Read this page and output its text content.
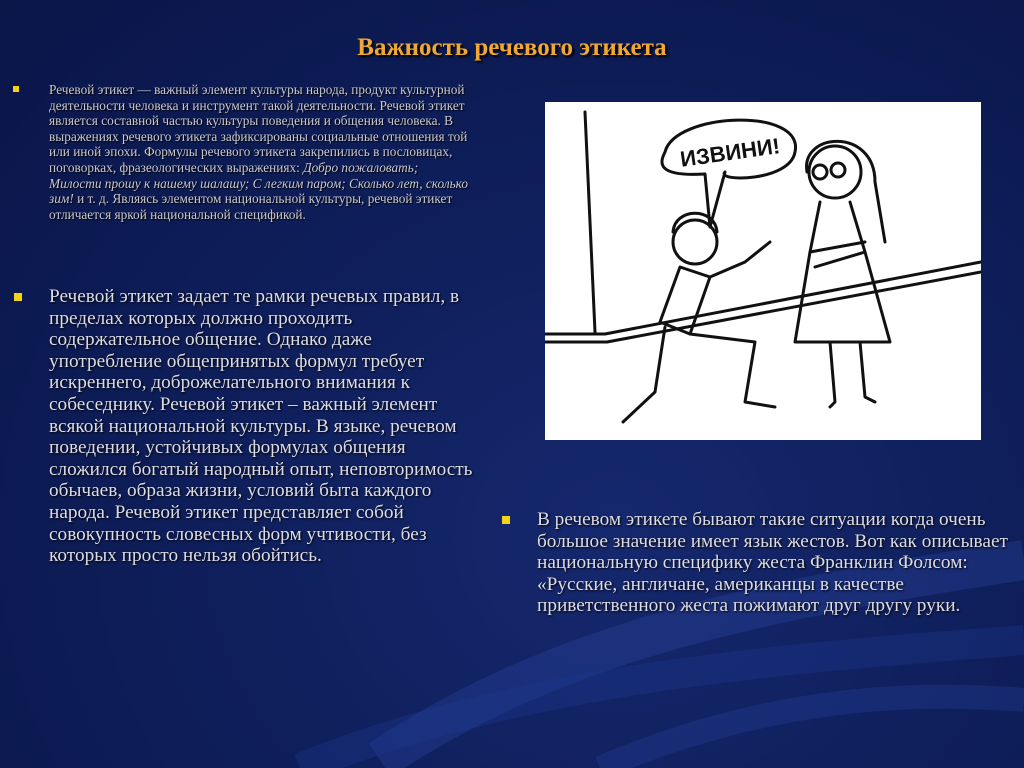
Важность речевого этикета
Речевой этикет — важный элемент культуры народа, продукт культурной деятельности человека и инструмент такой деятельности. Речевой этикет является составной частью культуры поведения и общения человека. В выражениях речевого этикета зафиксированы социальные отношения той или иной эпохи. Формулы речевого этикета закрепились в пословицах, поговорках, фразеологических выражениях: Добро пожаловать; Милости прошу к нашему шалашу; С легким паром; Сколько лет, сколько зим! и т. д. Являясь элементом национальной культуры, речевой этикет отличается яркой национальной спецификой.
Речевой этикет задает те рамки речевых правил, в пределах которых должно проходить содержательное общение. Однако даже употребление общепринятых формул требует искреннего, доброжелательного внимания к собеседнику. Речевой этикет – важный элемент всякой национальной культуры. В языке, речевом поведении, устойчивых формулах общения сложился богатый народный опыт, неповторимость обычаев, образа жизни, условий быта каждого народа. Речевой этикет представляет собой совокупность словесных форм учтивости, без которых просто нельзя обойтись.
ИЗВИНИ!
В речевом этикете бывают такие ситуации когда очень большое значение имеет язык жестов. Вот как описывает национальную специфику жеста Франклин Фолсом: «Русские, англичане, американцы в качестве приветственного жеста пожимают друг другу руки.
